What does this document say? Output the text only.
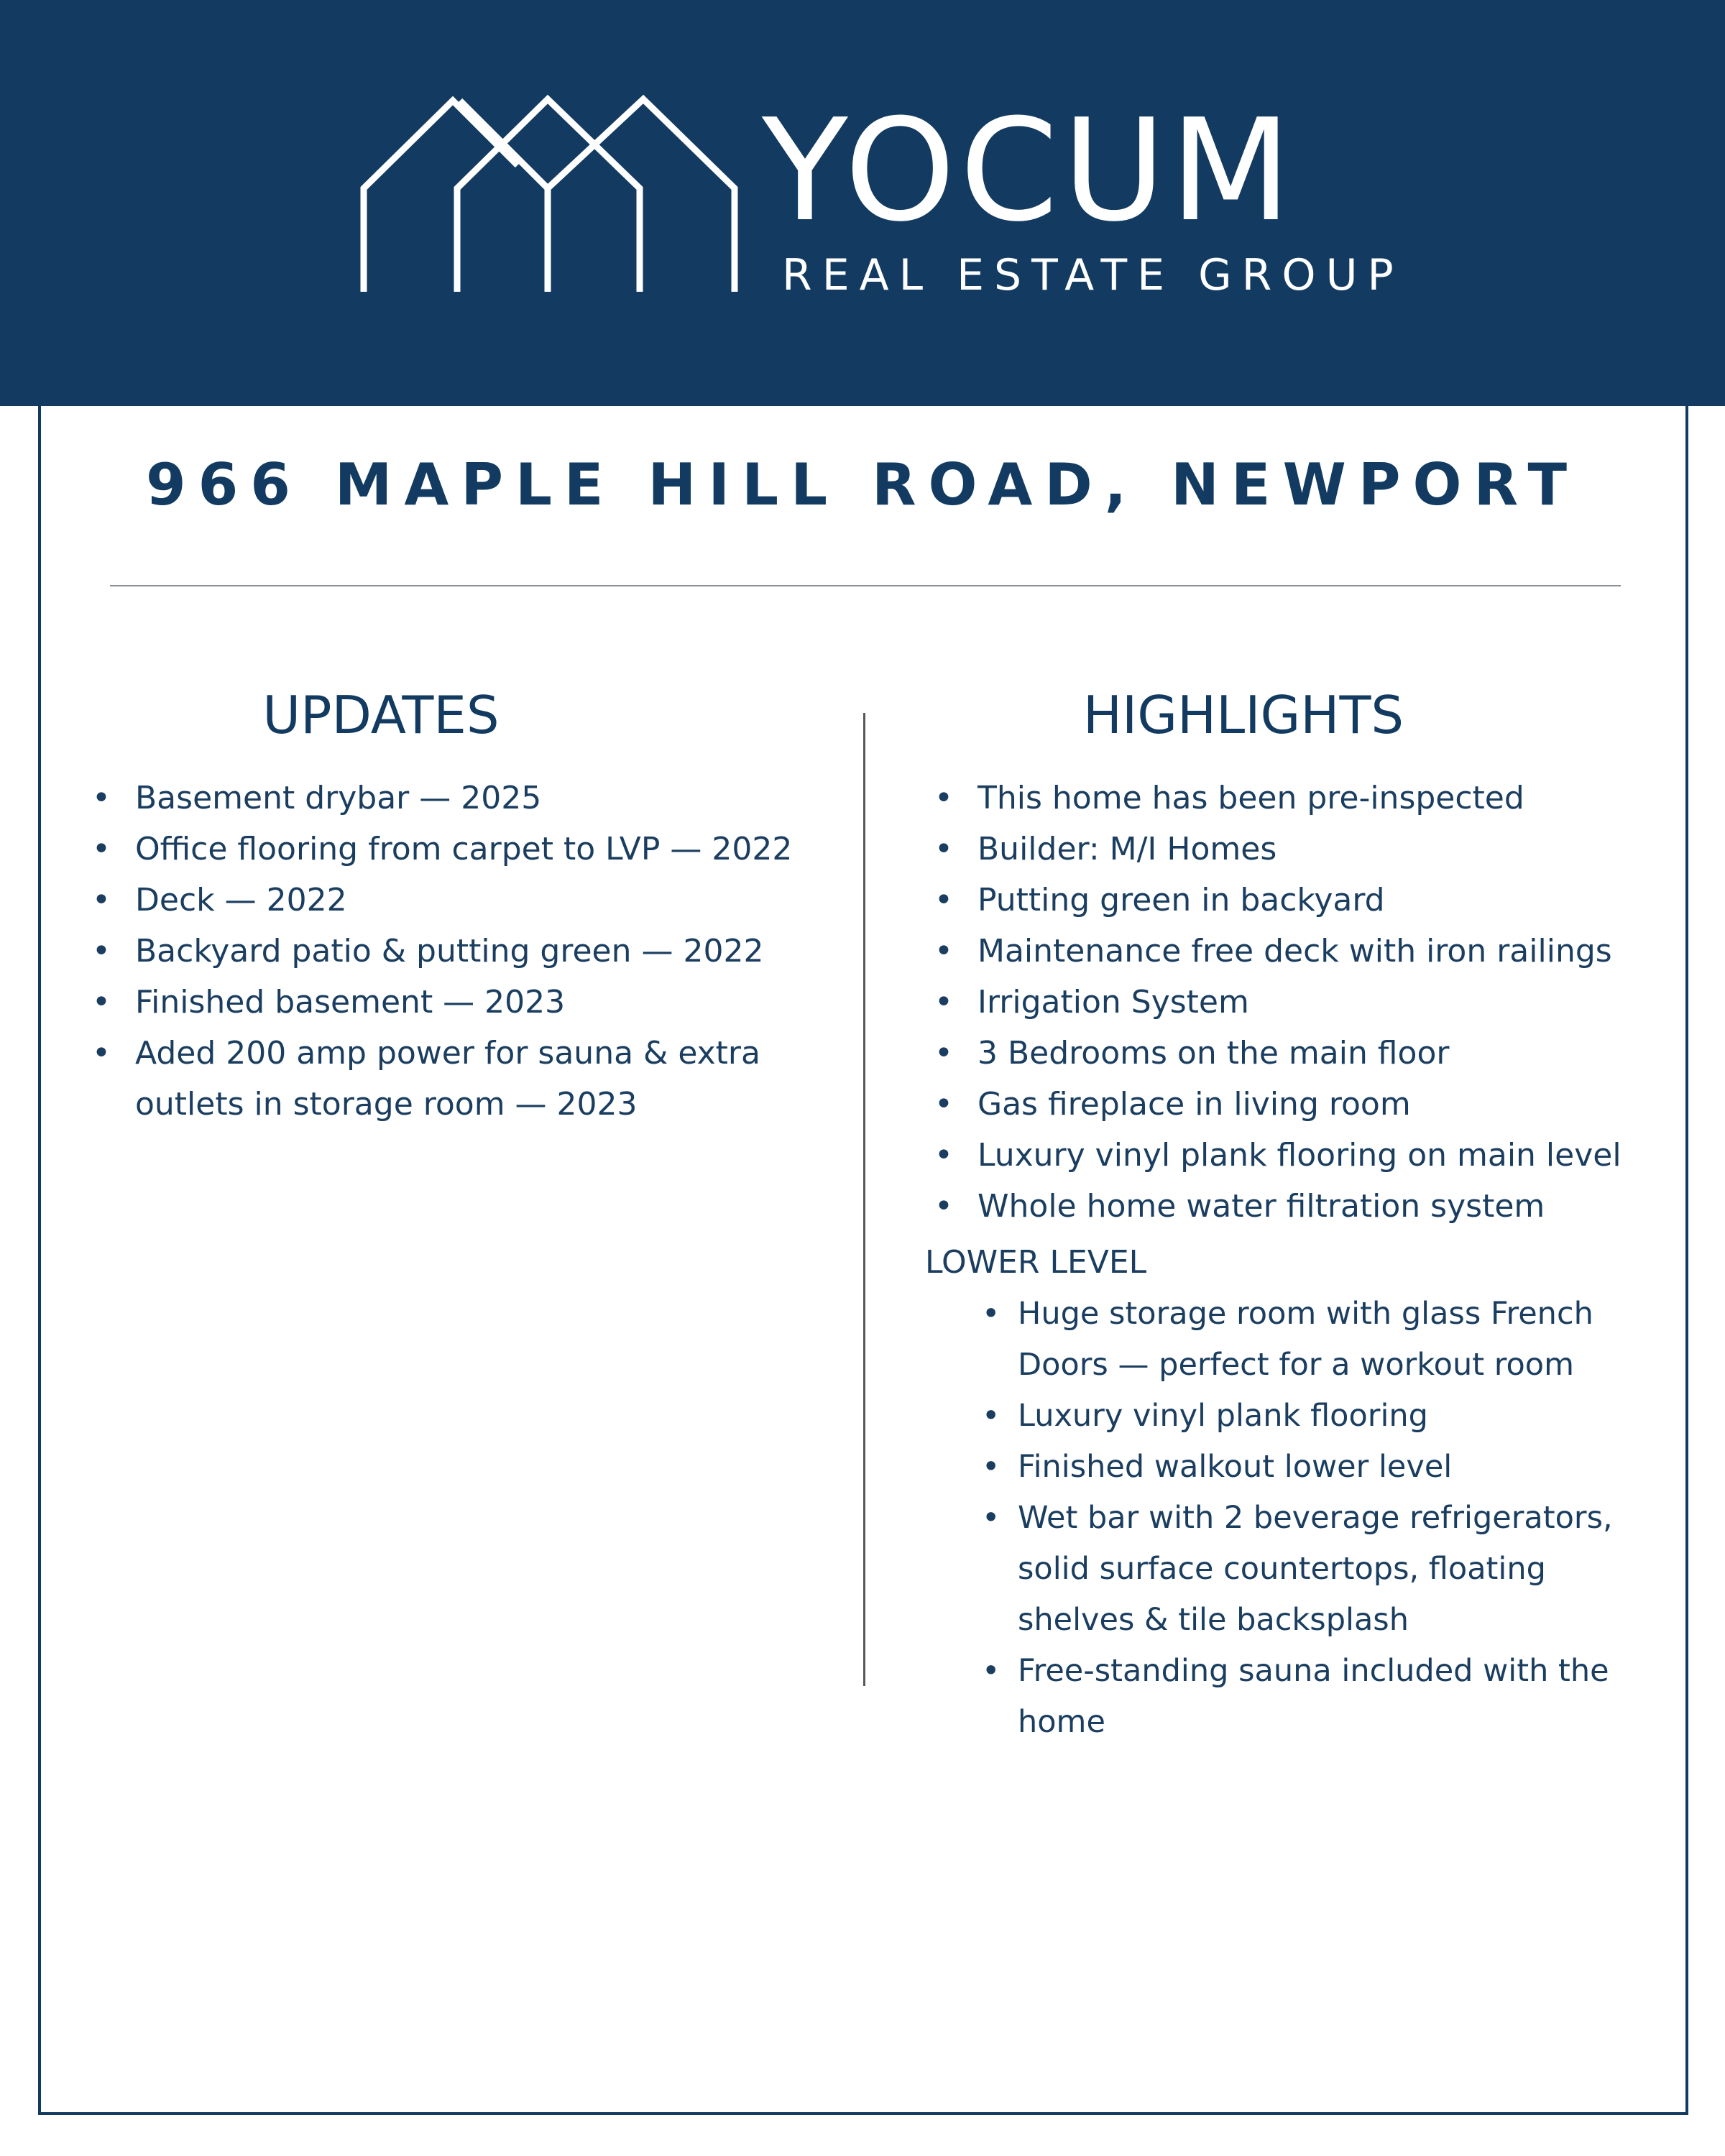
YOCUM
REAL ESTATE GROUP
966 MAPLE HILL ROAD, NEWPORT
UPDATES
• Basement drybar — 2025
• Office flooring from carpet to LVP — 2022
• Deck — 2022
• Backyard patio & putting green — 2022
• Finished basement — 2023
• Aded 200 amp power for sauna & extra outlets in storage room — 2023
HIGHLIGHTS
• This home has been pre-inspected
• Builder: M/I Homes
• Putting green in backyard
• Maintenance free deck with iron railings
• Irrigation System
• 3 Bedrooms on the main floor
• Gas fireplace in living room
• Luxury vinyl plank flooring on main level
• Whole home water filtration system
LOWER LEVEL
• Huge storage room with glass French Doors — perfect for a workout room
• Luxury vinyl plank flooring
• Finished walkout lower level
• Wet bar with 2 beverage refrigerators, solid surface countertops, floating shelves & tile backsplash
• Free-standing sauna included with the home
